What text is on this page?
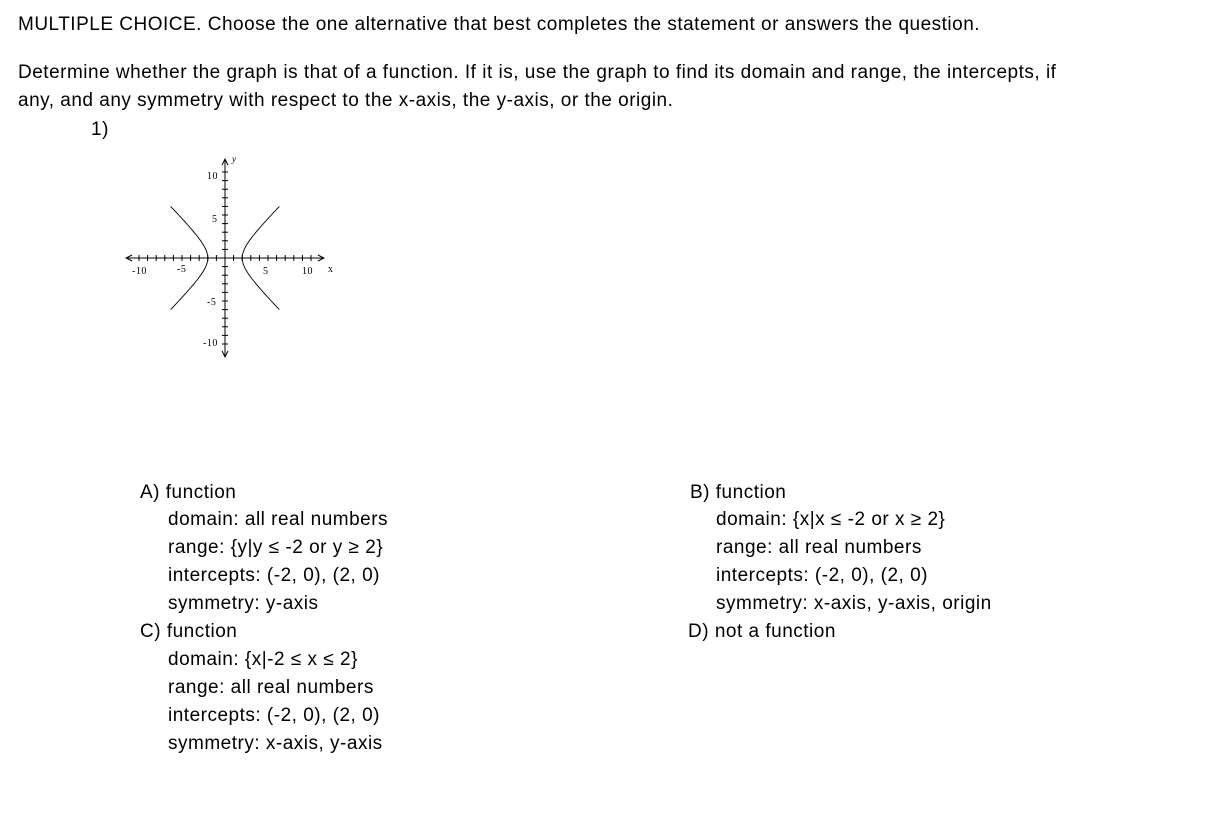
MULTIPLE CHOICE. Choose the one alternative that best completes the statement or answers the question.
Determine whether the graph is that of a function. If it is, use the graph to find its domain and range, the intercepts, if
any, and any symmetry with respect to the x-axis, the y-axis, or the origin.
1)
y
x
-10	-5	5	10
10
5
-5
-10
A) function
domain: all real numbers
range: {y|y ≤ -2 or y ≥ 2}
intercepts: (-2, 0), (2, 0)
symmetry: y-axis
C) function
domain: {x|-2 ≤ x ≤ 2}
range: all real numbers
intercepts: (-2, 0), (2, 0)
symmetry: x-axis, y-axis
B) function
domain: {x|x ≤ -2 or x ≥ 2}
range: all real numbers
intercepts: (-2, 0), (2, 0)
symmetry: x-axis, y-axis, origin
D) not a function
